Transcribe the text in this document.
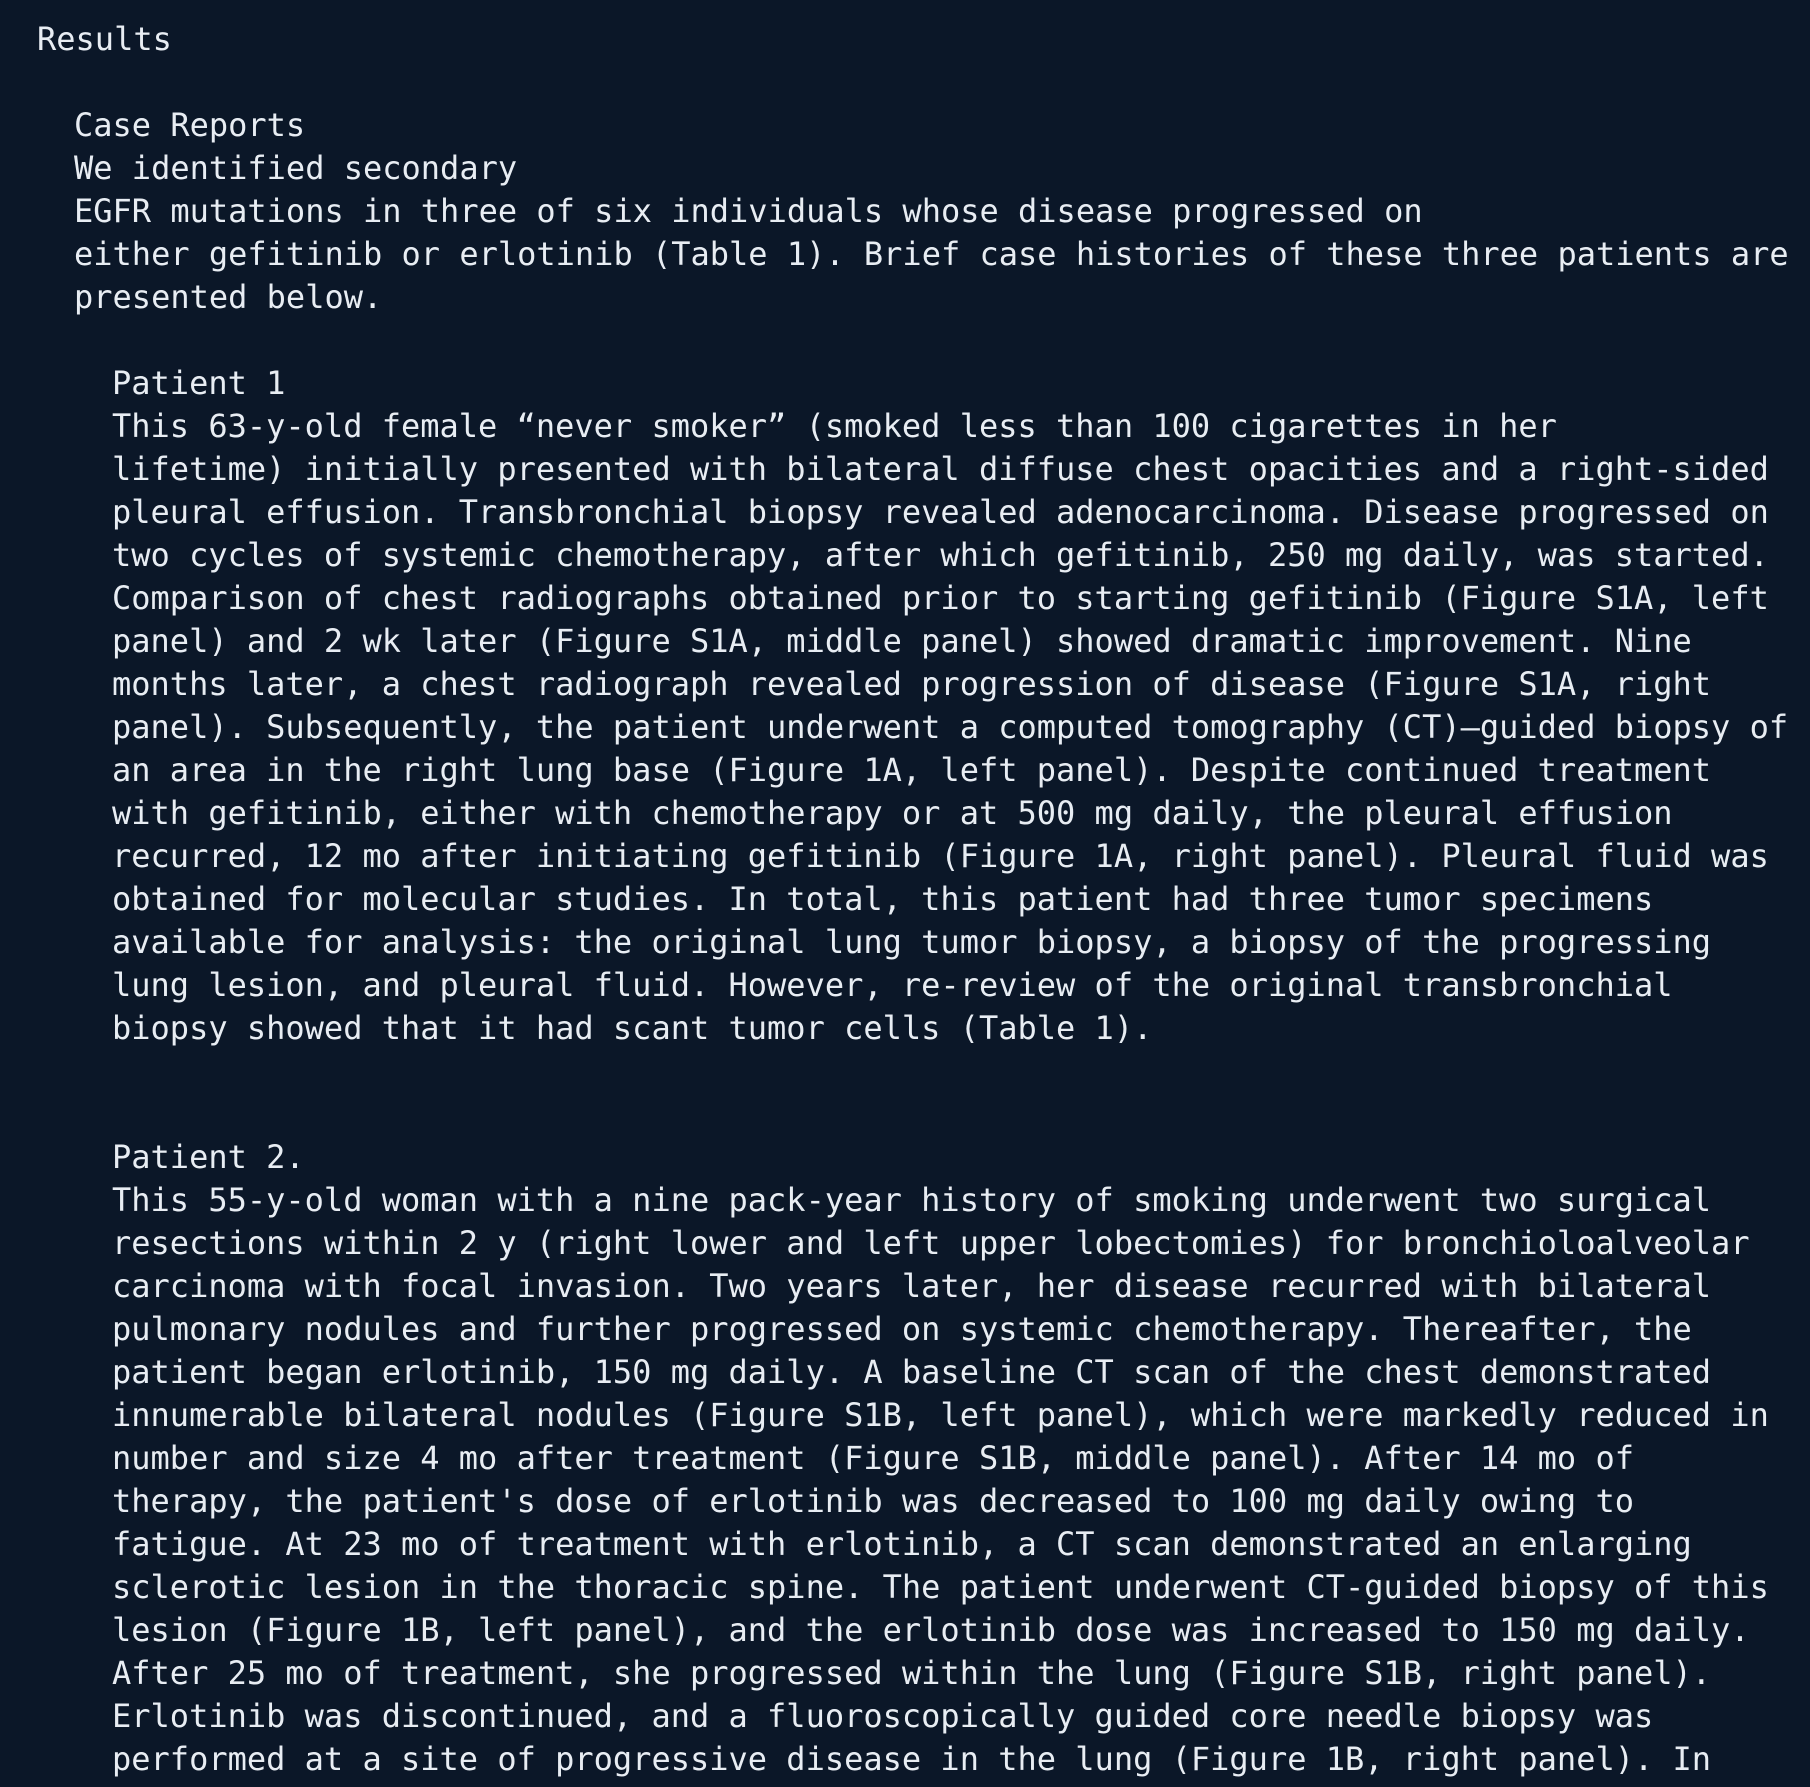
Results
Case Reports
We identified secondary
EGFR mutations in three of six individuals whose disease progressed on
either gefitinib or erlotinib (Table 1). Brief case histories of these three patients are
presented below.
Patient 1
This 63-y-old female “never smoker” (smoked less than 100 cigarettes in her
lifetime) initially presented with bilateral diffuse chest opacities and a right-sided
pleural effusion. Transbronchial biopsy revealed adenocarcinoma. Disease progressed on
two cycles of systemic chemotherapy, after which gefitinib, 250 mg daily, was started.
Comparison of chest radiographs obtained prior to starting gefitinib (Figure S1A, left
panel) and 2 wk later (Figure S1A, middle panel) showed dramatic improvement. Nine
months later, a chest radiograph revealed progression of disease (Figure S1A, right
panel). Subsequently, the patient underwent a computed tomography (CT)–guided biopsy of
an area in the right lung base (Figure 1A, left panel). Despite continued treatment
with gefitinib, either with chemotherapy or at 500 mg daily, the pleural effusion
recurred, 12 mo after initiating gefitinib (Figure 1A, right panel). Pleural fluid was
obtained for molecular studies. In total, this patient had three tumor specimens
available for analysis: the original lung tumor biopsy, a biopsy of the progressing
lung lesion, and pleural fluid. However, re-review of the original transbronchial
biopsy showed that it had scant tumor cells (Table 1).
Patient 2.
This 55-y-old woman with a nine pack-year history of smoking underwent two surgical
resections within 2 y (right lower and left upper lobectomies) for bronchioloalveolar
carcinoma with focal invasion. Two years later, her disease recurred with bilateral
pulmonary nodules and further progressed on systemic chemotherapy. Thereafter, the
patient began erlotinib, 150 mg daily. A baseline CT scan of the chest demonstrated
innumerable bilateral nodules (Figure S1B, left panel), which were markedly reduced in
number and size 4 mo after treatment (Figure S1B, middle panel). After 14 mo of
therapy, the patient's dose of erlotinib was decreased to 100 mg daily owing to
fatigue. At 23 mo of treatment with erlotinib, a CT scan demonstrated an enlarging
sclerotic lesion in the thoracic spine. The patient underwent CT-guided biopsy of this
lesion (Figure 1B, left panel), and the erlotinib dose was increased to 150 mg daily.
After 25 mo of treatment, she progressed within the lung (Figure S1B, right panel).
Erlotinib was discontinued, and a fluoroscopically guided core needle biopsy was
performed at a site of progressive disease in the lung (Figure 1B, right panel). In
